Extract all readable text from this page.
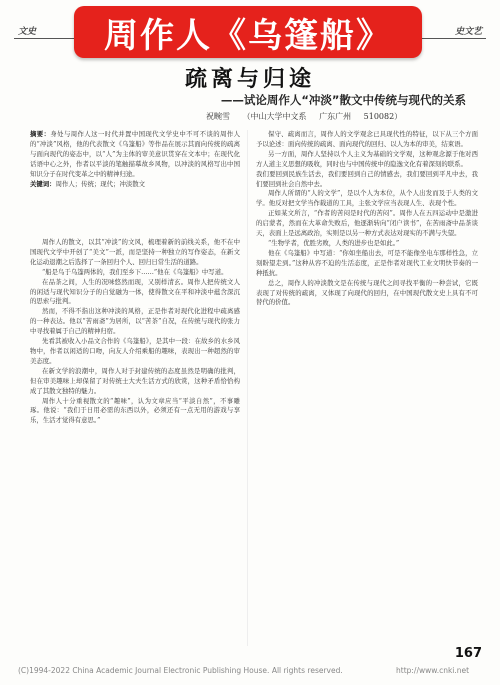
文史	史文艺
疏离与归途
——试论周作人“冲淡”散文中传统与现代的关系
祝畹雪 （中山大学中文系 广东广州 510082）

摘要：身处与周作人这一时代并置中国现代文学史中不可不谈的周作人的“冲淡”风格，他的代表散文《乌篷船》等作品在展示其面向传统的疏离与面向现代的姿态中，以“人”为主体的审美意识贯穿在文本中；在现代化话语中心之外，作者以平淡的笔触描摹故乡风物，以冲淡的风格写出中国知识分子在时代变革之中的精神归途。

关键词：周作人；传统；现代；冲淡散文

周作人的散文，以其“冲淡”的文风，梳理着新的前线关系，他不在中国现代文学中开创了“美文”一派，而是坚持一种独立的写作姿态，在新文化运动退潮之后选择了一条回归个人、回归日常生活的道路。

“船是鸟于乌篷两体的，我们至乡下……”他在《乌篷船》中写道。

在品茶之间，人生的况味悠然而现，又别样清玄。周作人把传统文人的闲适与现代知识分子的自觉融为一体，使得散文在平和冲淡中蕴含深沉的思索与批判。

然而，不得不指出这种冲淡的风格，正是作者对现代化进程中疏离感的一种表达。他以“苦雨斋”为居所，以“苦茶”自况，在传统与现代的张力中寻找着属于自己的精神归宿。

先看其被收入小品文合作的《乌篷船》，是其中一段：在故乡的水乡风物中，作者以闲适的口吻，向友人介绍乘船的趣味，表现出一种超然的审美态度。

在新文学的浪潮中，周作人对于封建传统的态度虽然是明确的批判，但在审美趣味上却保留了对传统士大夫生活方式的欣赏，这种矛盾恰恰构成了其散文独特的魅力。

周作人十分重视散文的“趣味”，认为文章应当“平淡自然”，不事雕琢。他说：“我们于日用必需的东西以外，必须还有一点无用的游戏与享乐，生活才觉得有意思。”

保守、疏离而言，周作人的文学观念已具现代性的特征，以下从三个方面予以论述：面向传统的疏离、面向现代的回归、以人为本的审美，结束语。

另一方面，周作人坚持以个人主义为基础的文学观，这种观念源于他对西方人道主义思想的吸收，同时也与中国传统中的隐逸文化有着深刻的联系。

我们要回到民族生活去，我们要回到自己的情感去，我们要回到平凡中去，我们要回到社会自然中去。

周作人所谓的“人的文学”，是以个人为本位，从个人出发而及于人类的文学。他反对把文学当作载道的工具，主张文学应当表现人生、表现个性。

正如某文所言，“作者的苦闷是时代的苦闷”。周作人在五四运动中是激进的启蒙者，然而在大革命失败后，他逐渐转向“闭户读书”，在苦雨斋中品茶谈天，表面上是远离政治，实则是以另一种方式表达对现实的不满与失望。

“生物学者，优胜劣败，人类的进步也是如此。”

他在《乌篷船》中写道：“你如坐船出去，可是不能像坐电车那样性急，立刻盼望走到。”这种从容不迫的生活态度，正是作者对现代工业文明快节奏的一种抵抗。

总之，周作人的冲淡散文是在传统与现代之间寻找平衡的一种尝试，它既表现了对传统的疏离，又体现了向现代的回归，在中国现代散文史上具有不可替代的价值。

167
(C)1994-2022 China Academic Journal Electronic Publishing House. All rights reserved.	http://www.cnki.net
周作人《乌篷船》
